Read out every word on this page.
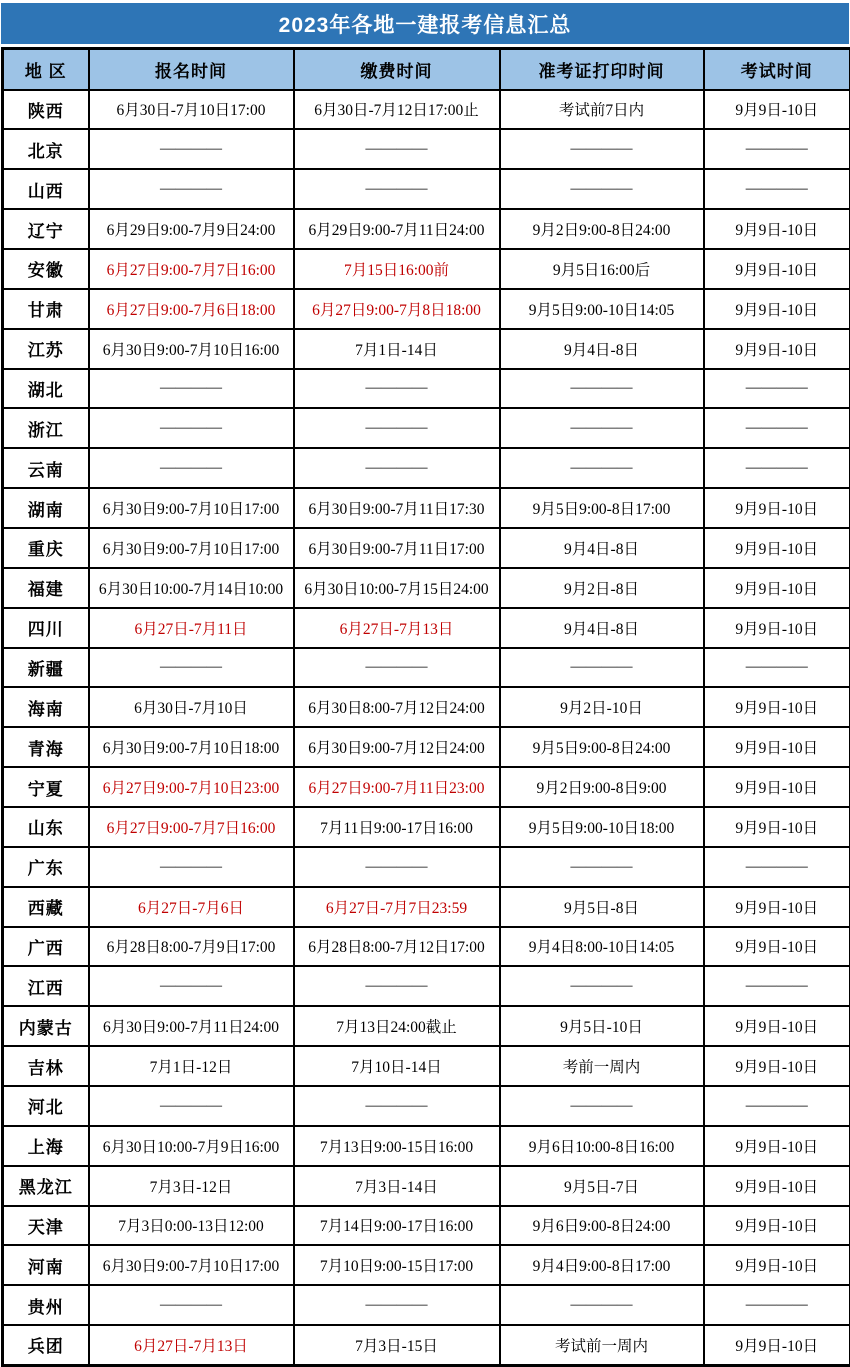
2023年各地一建报考信息汇总
地 区	报名时间	缴费时间	准考证打印时间	考试时间
陕西	6月30日-7月10日17:00	6月30日-7月12日17:00止	考试前7日内	9月9日-10日
北京	————	————	————	————
山西	————	————	————	————
辽宁	6月29日9:00-7月9日24:00	6月29日9:00-7月11日24:00	9月2日9:00-8日24:00	9月9日-10日
安徽	6月27日9:00-7月7日16:00	7月15日16:00前	9月5日16:00后	9月9日-10日
甘肃	6月27日9:00-7月6日18:00	6月27日9:00-7月8日18:00	9月5日9:00-10日14:05	9月9日-10日
江苏	6月30日9:00-7月10日16:00	7月1日-14日	9月4日-8日	9月9日-10日
湖北	————	————	————	————
浙江	————	————	————	————
云南	————	————	————	————
湖南	6月30日9:00-7月10日17:00	6月30日9:00-7月11日17:30	9月5日9:00-8日17:00	9月9日-10日
重庆	6月30日9:00-7月10日17:00	6月30日9:00-7月11日17:00	9月4日-8日	9月9日-10日
福建	6月30日10:00-7月14日10:00	6月30日10:00-7月15日24:00	9月2日-8日	9月9日-10日
四川	6月27日-7月11日	6月27日-7月13日	9月4日-8日	9月9日-10日
新疆	————	————	————	————
海南	6月30日-7月10日	6月30日8:00-7月12日24:00	9月2日-10日	9月9日-10日
青海	6月30日9:00-7月10日18:00	6月30日9:00-7月12日24:00	9月5日9:00-8日24:00	9月9日-10日
宁夏	6月27日9:00-7月10日23:00	6月27日9:00-7月11日23:00	9月2日9:00-8日9:00	9月9日-10日
山东	6月27日9:00-7月7日16:00	7月11日9:00-17日16:00	9月5日9:00-10日18:00	9月9日-10日
广东	————	————	————	————
西藏	6月27日-7月6日	6月27日-7月7日23:59	9月5日-8日	9月9日-10日
广西	6月28日8:00-7月9日17:00	6月28日8:00-7月12日17:00	9月4日8:00-10日14:05	9月9日-10日
江西	————	————	————	————
内蒙古	6月30日9:00-7月11日24:00	7月13日24:00截止	9月5日-10日	9月9日-10日
吉林	7月1日-12日	7月10日-14日	考前一周内	9月9日-10日
河北	————	————	————	————
上海	6月30日10:00-7月9日16:00	7月13日9:00-15日16:00	9月6日10:00-8日16:00	9月9日-10日
黑龙江	7月3日-12日	7月3日-14日	9月5日-7日	9月9日-10日
天津	7月3日0:00-13日12:00	7月14日9:00-17日16:00	9月6日9:00-8日24:00	9月9日-10日
河南	6月30日9:00-7月10日17:00	7月10日9:00-15日17:00	9月4日9:00-8日17:00	9月9日-10日
贵州	————	————	————	————
兵团	6月27日-7月13日	7月3日-15日	考试前一周内	9月9日-10日
